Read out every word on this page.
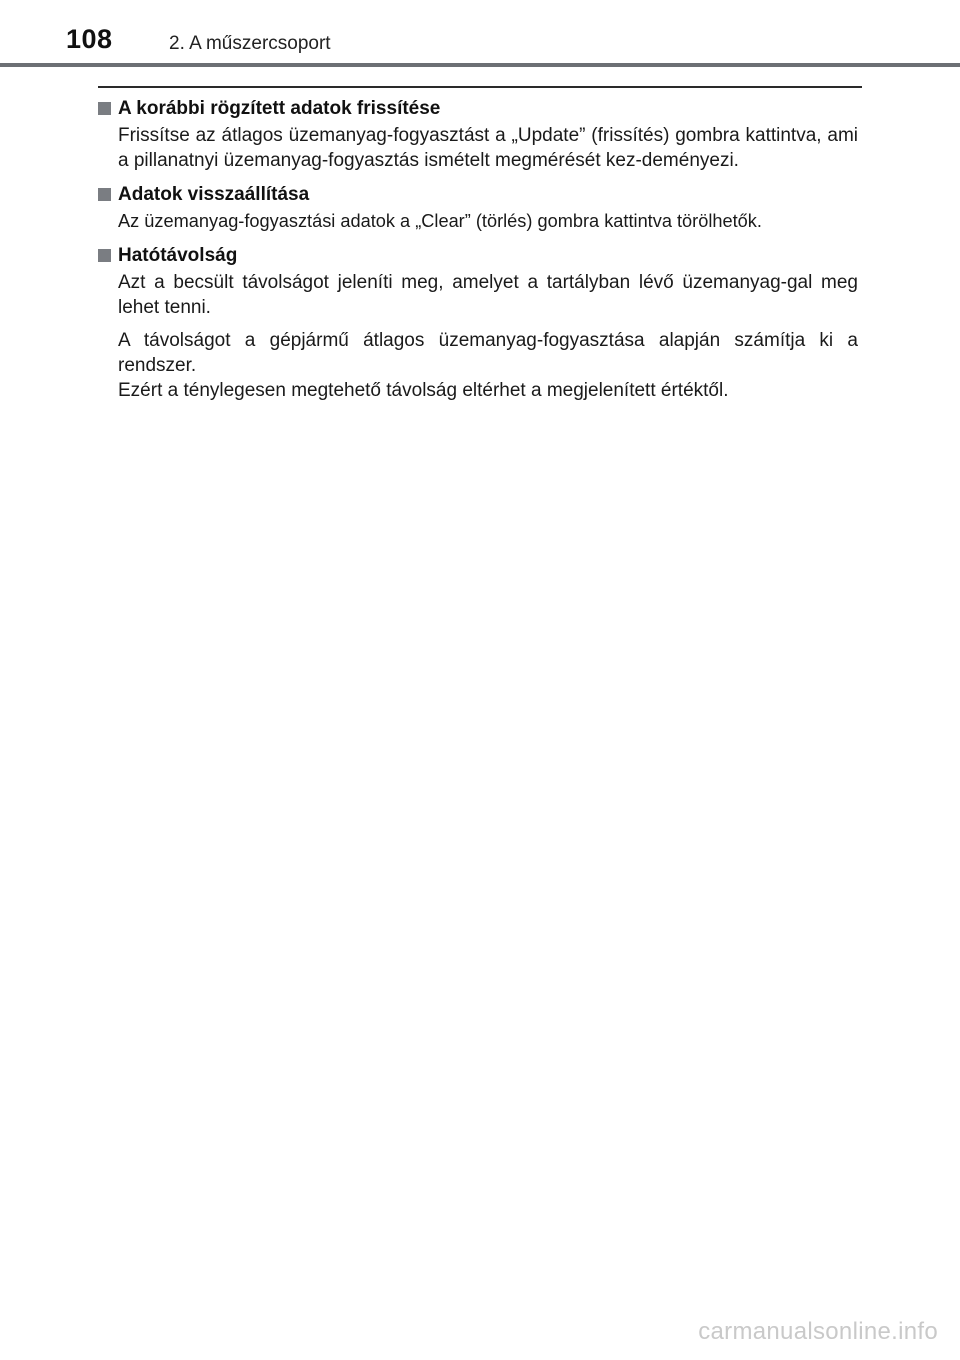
108	2. A műszercsoport
A korábbi rögzített adatok frissítése

Frissítse az átlagos üzemanyag-fogyasztást a „Update” (frissítés) gombra kattintva, ami a pillanatnyi üzemanyag-fogyasztás ismételt megmérését kez-deményezi.

Adatok visszaállítása

Az üzemanyag-fogyasztási adatok a „Clear” (törlés) gombra kattintva törölhetők.

Hatótávolság

Azt a becsült távolságot jeleníti meg, amelyet a tartályban lévő üzemanyag-gal meg lehet tenni.

A távolságot a gépjármű átlagos üzemanyag-fogyasztása alapján számítja ki a rendszer.

Ezért a ténylegesen megtehető távolság eltérhet a megjelenített értéktől.

carmanualsonline.info
